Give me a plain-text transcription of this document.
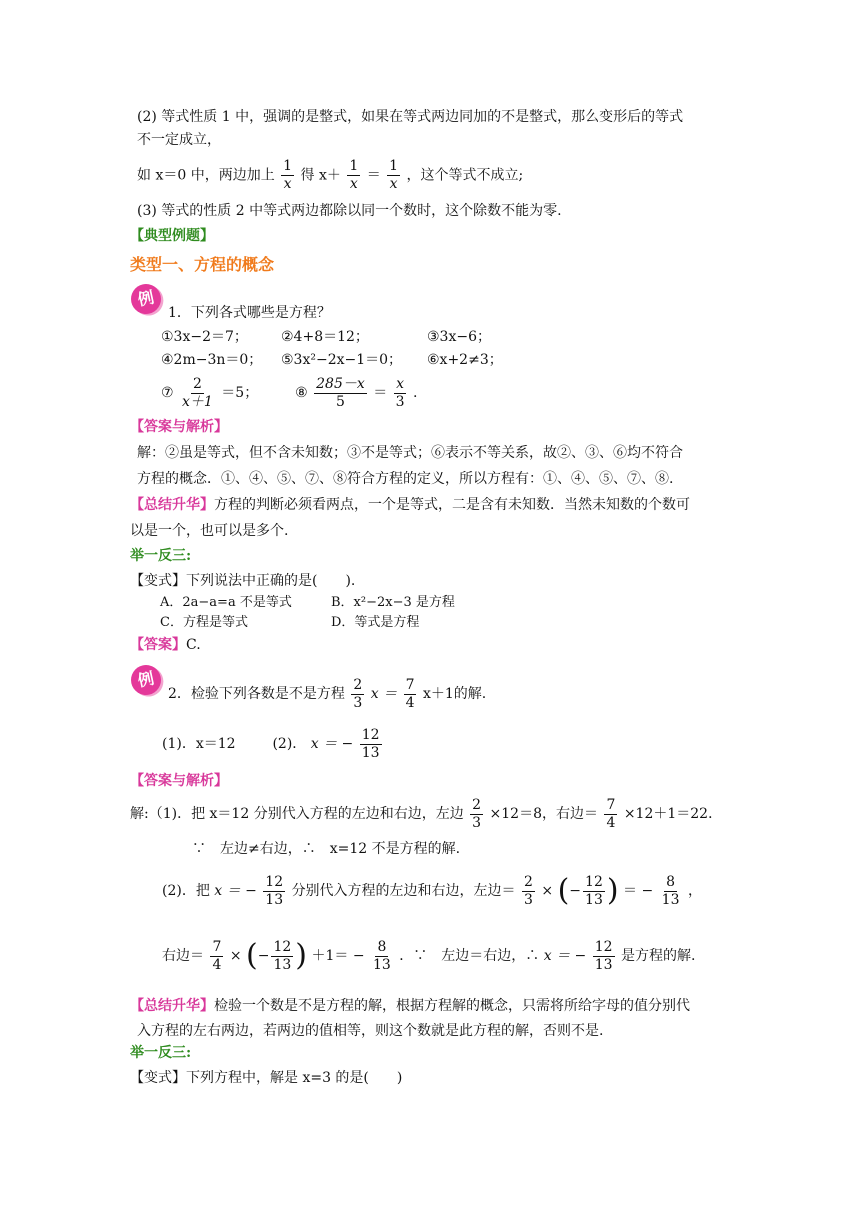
(2) 等式性质 1 中，强调的是整式，如果在等式两边同加的不是整式，那么变形后的等式
不一定成立，
如 x＝0 中，两边加上 $\frac{1}{x}$ 得 $x+ \frac{1}{x} = \frac{1}{x}$ ，这个等式不成立;
(3) 等式的性质 2 中等式两边都除以同一个数时，这个除数不能为零.
【典型例题】
类型一、方程的概念
例
1．下列各式哪些是方程？
①3x−2＝7； ②4+8＝12；	③3x−6；
④2m−3n＝0； ⑤3x²−2x−1＝0； ⑥x+2≠3；
⑦ $\frac{2}{x+1} =5$；	⑧ $\frac{285-x}{5} = \frac{x}{3}$ .
【答案与解析】
解：②虽是等式，但不含未知数；③不是等式；⑥表示不等关系，故②、③、⑥均不符合
方程的概念．①、④、⑤、⑦、⑧符合方程的定义，所以方程有：①、④、⑤、⑦、⑧.
【总结升华】方程的判断必须看两点，一个是等式，二是含有未知数．当然未知数的个数可
以是一个，也可以是多个.
举一反三:
【变式】下列说法中正确的是(　　).
A．2a−a=a 不是等式	B．x²−2x−3 是方程
C．方程是等式	D．等式是方程
【答案】C.
例
2．检验下列各数是不是方程 $\frac{2}{3}$ $x = \frac{7}{4} x+1$的解.
(1)．x＝12	(2)． x ＝ − $\frac{12}{13}$
【答案与解析】
解:（1)．把 x＝12 分别代入方程的左边和右边，左边 $\frac{2}{3} \times 12=8$，右边＝ $\frac{7}{4} \times 12+1=22$．
∵　左边≠右边，∴　x=12 不是方程的解.
(2)．把 x ＝ − $\frac{12}{13}$ 分别代入方程的左边和右边，左边＝ $\frac{2}{3}$ × (− $\frac{12}{13}$ ) ＝ − $\frac{8}{13}$ ，
右边＝ $\frac{7}{4}$ × (− $\frac{12}{13}$ ) $+1= - \frac{8}{13}$ ．∵　左边＝右边，∴ x ＝ − $\frac{12}{13}$ 是方程的解.
【总结升华】检验一个数是不是方程的解，根据方程解的概念，只需将所给字母的值分别代
入方程的左右两边，若两边的值相等，则这个数就是此方程的解，否则不是.
举一反三:
【变式】下列方程中，解是 x=3 的是(　　)
